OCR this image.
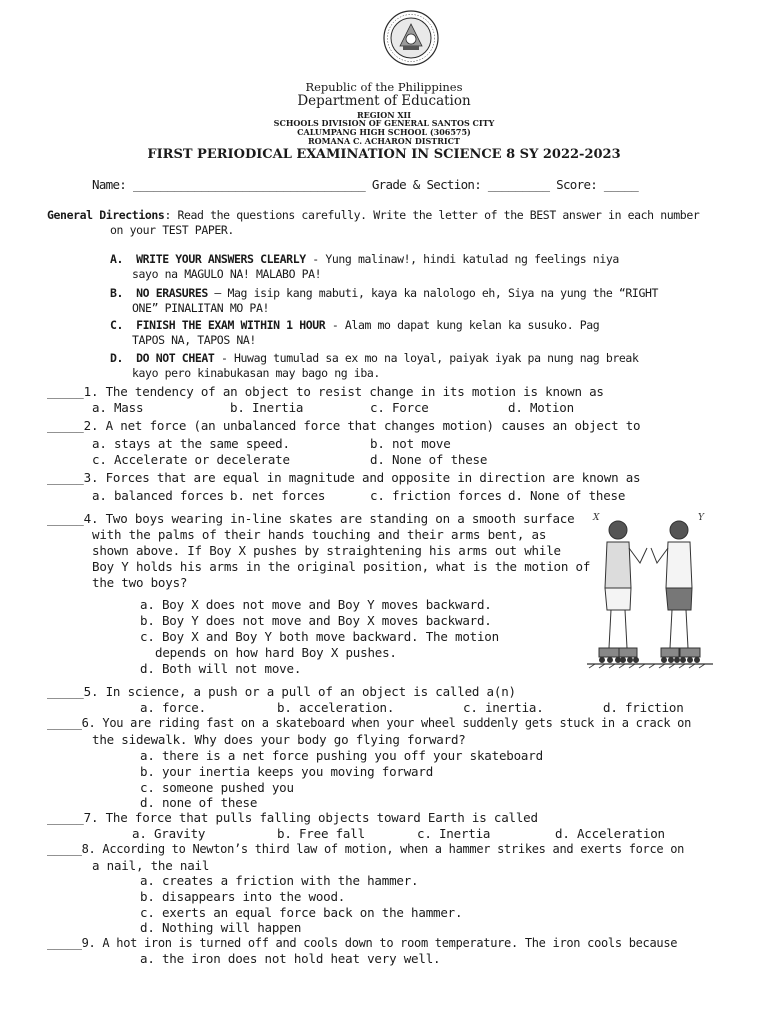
Republic of the Philippines
Department of Education
REGION XII
SCHOOLS DIVISION OF GENERAL SANTOS CITY
CALUMPANG HIGH SCHOOL (306575)
ROMANA C. ACHARON DISTRICT
FIRST PERIODICAL EXAMINATION IN SCIENCE 8 SY 2022-2023
Name: __________________________________ Grade & Section: _________ Score: _____
General Directions: Read the questions carefully. Write the letter of the BEST answer in each number
on your TEST PAPER.
A. WRITE YOUR ANSWERS CLEARLY - Yung malinaw!, hindi katulad ng feelings niya
sayo na MAGULO NA! MALABO PA!
B. NO ERASURES – Mag isip kang mabuti, kaya ka nalologo eh, Siya na yung the “RIGHT
ONE” PINALITAN MO PA!
C. FINISH THE EXAM WITHIN 1 HOUR - Alam mo dapat kung kelan ka susuko. Pag
TAPOS NA, TAPOS NA!
D. DO NOT CHEAT - Huwag tumulad sa ex mo na loyal, paiyak iyak pa nung nag break
kayo pero kinabukasan may bago ng iba.
_____1. The tendency of an object to resist change in its motion is known as
a. Mass	b. Inertia	c. Force	d. Motion
_____2. A net force (an unbalanced force that changes motion) causes an object to
a. stays at the same speed.	b. not move
c. Accelerate or decelerate	d. None of these
_____3. Forces that are equal in magnitude and opposite in direction are known as
a. balanced forces b. net forces	c. friction forces d. None of these
_____4. Two boys wearing in-line skates are standing on a smooth surface
with the palms of their hands touching and their arms bent, as
shown above. If Boy X pushes by straightening his arms out while
Boy Y holds his arms in the original position, what is the motion of
the two boys?
a. Boy X does not move and Boy Y moves backward.
b. Boy Y does not move and Boy X moves backward.
c. Boy X and Boy Y both move backward. The motion
depends on how hard Boy X pushes.
d. Both will not move.
X	Y
_____5. In science, a push or a pull of an object is called a(n)
a. force.	b. acceleration.	c. inertia.	d. friction
_____6. You are riding fast on a skateboard when your wheel suddenly gets stuck in a crack on
the sidewalk. Why does your body go flying forward?
a. there is a net force pushing you off your skateboard
b. your inertia keeps you moving forward
c. someone pushed you
d. none of these
_____7. The force that pulls falling objects toward Earth is called
a. Gravity	b. Free fall	c. Inertia	d. Acceleration
_____8. According to Newton’s third law of motion, when a hammer strikes and exerts force on
a nail, the nail
a. creates a friction with the hammer.
b. disappears into the wood.
c. exerts an equal force back on the hammer.
d. Nothing will happen
_____9. A hot iron is turned off and cools down to room temperature. The iron cools because
a. the iron does not hold heat very well.
